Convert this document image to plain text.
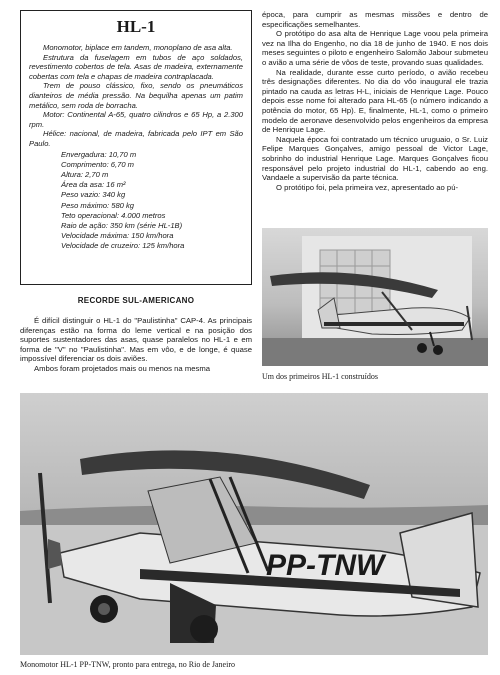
HL-1

Monomotor, biplace em tandem, monoplano de asa alta.

Estrutura da fuselagem em tubos de aço soldados, revestimento cobertos de tela. Asas de madeira, externamente cobertas com tela e chapas de madeira contraplacada.

Trem de pouso clássico, fixo, sendo os pneumáticos dianteiros de média pressão. Na bequilha apenas um patim metálico, sem roda de borracha.

Motor: Continental A-65, quatro cilindros e 65 Hp, a 2.300 rpm.

Hélice: nacional, de madeira, fabricada pelo IPT em São Paulo.

Envergadura: 10,70 m
Comprimento: 6,70 m
Altura: 2,70 m
Área da asa: 16 m²
Peso vazio: 340 kg
Peso máximo: 580 kg
Teto operacional: 4.000 metros
Raio de ação: 350 km (série HL-1B)
Velocidade máxima: 150 km/hora
Velocidade de cruzeiro: 125 km/hora
RECORDE SUL-AMERICANO

É difícil distinguir o HL-1 do "Paulistinha" CAP-4. As principais diferenças estão na forma do leme vertical e na posição dos suportes sustentadores das asas, quase paralelos no HL-1 e em forma de "V" no "Paulistinha". Mas em vôo, e de longe, é quase impossível diferenciar os dois aviões.

Ambos foram projetados mais ou menos na mesma

época, para cumprir as mesmas missões e dentro de especificações semelhantes.

O protótipo do asa alta de Henrique Lage voou pela primeira vez na Ilha do Engenho, no dia 18 de junho de 1940. E nos dois meses seguintes o piloto e engenheiro Salomão Jabour submeteu o avião a uma série de vôos de teste, provando suas qualidades.

Na realidade, durante esse curto período, o avião recebeu três designações diferentes. No dia do vôo inaugural ele trazia pintado na cauda as letras H-L, iniciais de Henrique Lage. Pouco depois esse nome foi alterado para HL-65 (o número indicando a potência do motor, 65 Hp). E, finalmente, HL-1, como o primeiro modelo de aeronave desenvolvido pelos engenheiros da empresa de Henrique Lage.

Naquela época foi contratado um técnico uruguaio, o Sr. Luiz Felipe Marques Gonçalves, amigo pessoal de Victor Lage, sobrinho do industrial Henrique Lage. Marques Gonçalves ficou responsável pelo projeto industrial do HL-1, cabendo ao eng. Vandaele a supervisão da parte técnica.

O protótipo foi, pela primeira vez, apresentado ao pú-

Um dos primeiros HL-1 construídos
PP-TNW
Monomotor HL-1 PP-TNW, pronto para entrega, no Rio de Janeiro
